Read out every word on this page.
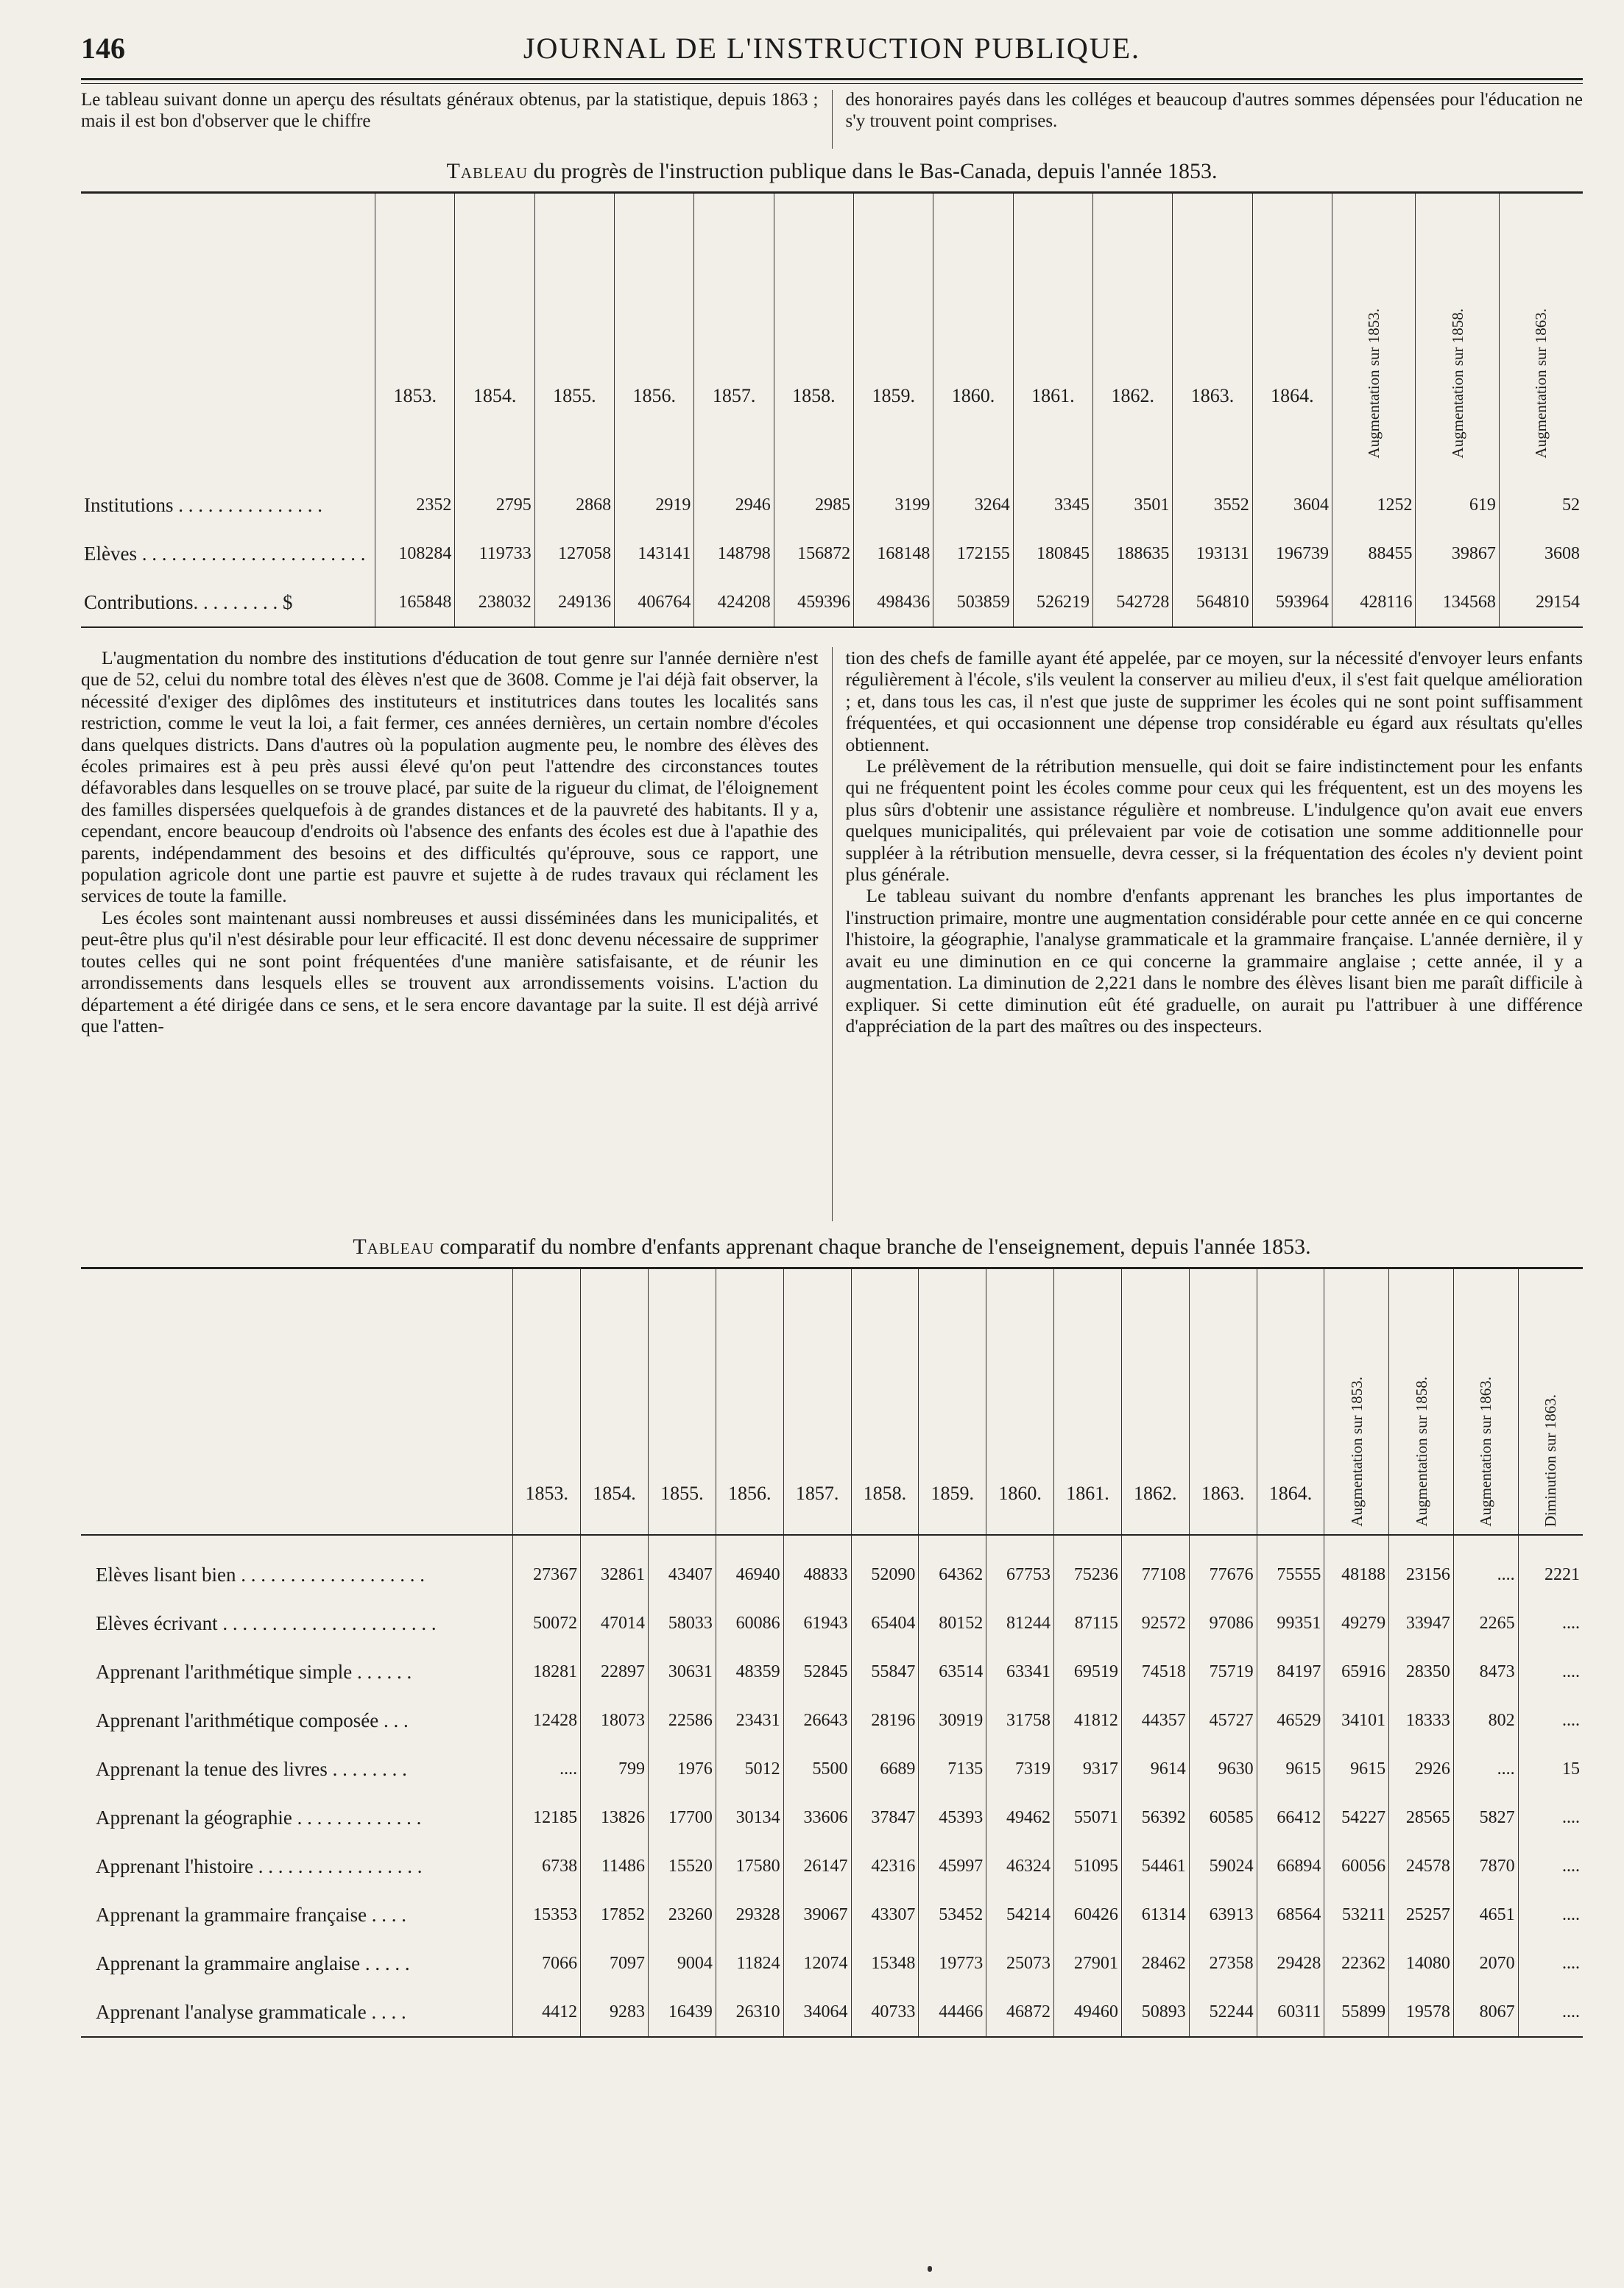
146	JOURNAL DE L'INSTRUCTION PUBLIQUE.
Le tableau suivant donne un aperçu des résultats généraux obtenus, par la statistique, depuis 1863 ; mais il est bon d'observer que le chiffre
des honoraires payés dans les colléges et beaucoup d'autres sommes dépensées pour l'éducation ne s'y trouvent point comprises.
Tableau du progrès de l'instruction publique dans le Bas-Canada, depuis l'année 1853.
	1853.	1854.	1855.	1856.	1857.	1858.	1859.	1860.	1861.	1862.	1863.	1864.	Augmentation sur 1853.	Augmentation sur 1858.	Augmentation sur 1863.

Institutions . . . . . . . . . . . . . . .	2352	2795	2868	2919	2946	2985	3199	3264	3345	3501	3552	3604	1252	619	52
Elèves . . . . . . . . . . . . . . . . . . . . . . .	108284	119733	127058	143141	148798	156872	168148	172155	180845	188635	193131	196739	88455	39867	3608
Contributions. . . . . . . . . $	165848	238032	249136	406764	424208	459396	498436	503859	526219	542728	564810	593964	428116	134568	29154

L'augmentation du nombre des institutions d'éducation de tout genre sur l'année dernière n'est que de 52, celui du nombre total des élèves n'est que de 3608. Comme je l'ai déjà fait observer, la nécessité d'exiger des diplômes des instituteurs et institutrices dans toutes les localités sans restriction, comme le veut la loi, a fait fermer, ces années dernières, un certain nombre d'écoles dans quelques districts. Dans d'autres où la population augmente peu, le nombre des élèves des écoles primaires est à peu près aussi élevé qu'on peut l'attendre des circonstances toutes défavorables dans lesquelles on se trouve placé, par suite de la rigueur du climat, de l'éloignement des familles dispersées quelquefois à de grandes distances et de la pauvreté des habitants. Il y a, cependant, encore beaucoup d'endroits où l'absence des enfants des écoles est due à l'apathie des parents, indépendamment des besoins et des difficultés qu'éprouve, sous ce rapport, une population agricole dont une partie est pauvre et sujette à de rudes travaux qui réclament les services de toute la famille.

Les écoles sont maintenant aussi nombreuses et aussi disséminées dans les municipalités, et peut-être plus qu'il n'est désirable pour leur efficacité. Il est donc devenu nécessaire de supprimer toutes celles qui ne sont point fréquentées d'une manière satisfaisante, et de réunir les arrondissements dans lesquels elles se trouvent aux arrondissements voisins. L'action du département a été dirigée dans ce sens, et le sera encore davantage par la suite. Il est déjà arrivé que l'atten-

tion des chefs de famille ayant été appelée, par ce moyen, sur la nécessité d'envoyer leurs enfants régulièrement à l'école, s'ils veulent la conserver au milieu d'eux, il s'est fait quelque amélioration ; et, dans tous les cas, il n'est que juste de supprimer les écoles qui ne sont point suffisamment fréquentées, et qui occasionnent une dépense trop considérable eu égard aux résultats qu'elles obtiennent.

Le prélèvement de la rétribution mensuelle, qui doit se faire indistinctement pour les enfants qui ne fréquentent point les écoles comme pour ceux qui les fréquentent, est un des moyens les plus sûrs d'obtenir une assistance régulière et nombreuse. L'indulgence qu'on avait eue envers quelques municipalités, qui prélevaient par voie de cotisation une somme additionnelle pour suppléer à la rétribution mensuelle, devra cesser, si la fréquentation des écoles n'y devient point plus générale.

Le tableau suivant du nombre d'enfants apprenant les branches les plus importantes de l'instruction primaire, montre une augmentation considérable pour cette année en ce qui concerne l'histoire, la géographie, l'analyse grammaticale et la grammaire française. L'année dernière, il y avait eu une diminution en ce qui concerne la grammaire anglaise ; cette année, il y a augmentation. La diminution de 2,221 dans le nombre des élèves lisant bien me paraît difficile à expliquer. Si cette diminution eût été graduelle, on aurait pu l'attribuer à une différence d'appréciation de la part des maîtres ou des inspecteurs.

Tableau comparatif du nombre d'enfants apprenant chaque branche de l'enseignement, depuis l'année 1853.
	1853.	1854.	1855.	1856.	1857.	1858.	1859.	1860.	1861.	1862.	1863.	1864.	Augmentation sur 1853.	Augmentation sur 1858.	Augmentation sur 1863.	Diminution sur 1863.

Elèves lisant bien . . . . . . . . . . . . . . . . . . .	27367	32861	43407	46940	48833	52090	64362	67753	75236	77108	77676	75555	48188	23156	....	2221
Elèves écrivant . . . . . . . . . . . . . . . . . . . . . .	50072	47014	58033	60086	61943	65404	80152	81244	87115	92572	97086	99351	49279	33947	2265	....
Apprenant l'arithmétique simple . . . . . .	18281	22897	30631	48359	52845	55847	63514	63341	69519	74518	75719	84197	65916	28350	8473	....
Apprenant l'arithmétique composée . . .	12428	18073	22586	23431	26643	28196	30919	31758	41812	44357	45727	46529	34101	18333	802	....
Apprenant la tenue des livres . . . . . . . .	....	799	1976	5012	5500	6689	7135	7319	9317	9614	9630	9615	9615	2926	....	15
Apprenant la géographie . . . . . . . . . . . . .	12185	13826	17700	30134	33606	37847	45393	49462	55071	56392	60585	66412	54227	28565	5827	....
Apprenant l'histoire . . . . . . . . . . . . . . . . .	6738	11486	15520	17580	26147	42316	45997	46324	51095	54461	59024	66894	60056	24578	7870	....
Apprenant la grammaire française . . . .	15353	17852	23260	29328	39067	43307	53452	54214	60426	61314	63913	68564	53211	25257	4651	....
Apprenant la grammaire anglaise . . . . .	7066	7097	9004	11824	12074	15348	19773	25073	27901	28462	27358	29428	22362	14080	2070	....
Apprenant l'analyse grammaticale . . . .	4412	9283	16439	26310	34064	40733	44466	46872	49460	50893	52244	60311	55899	19578	8067	....
